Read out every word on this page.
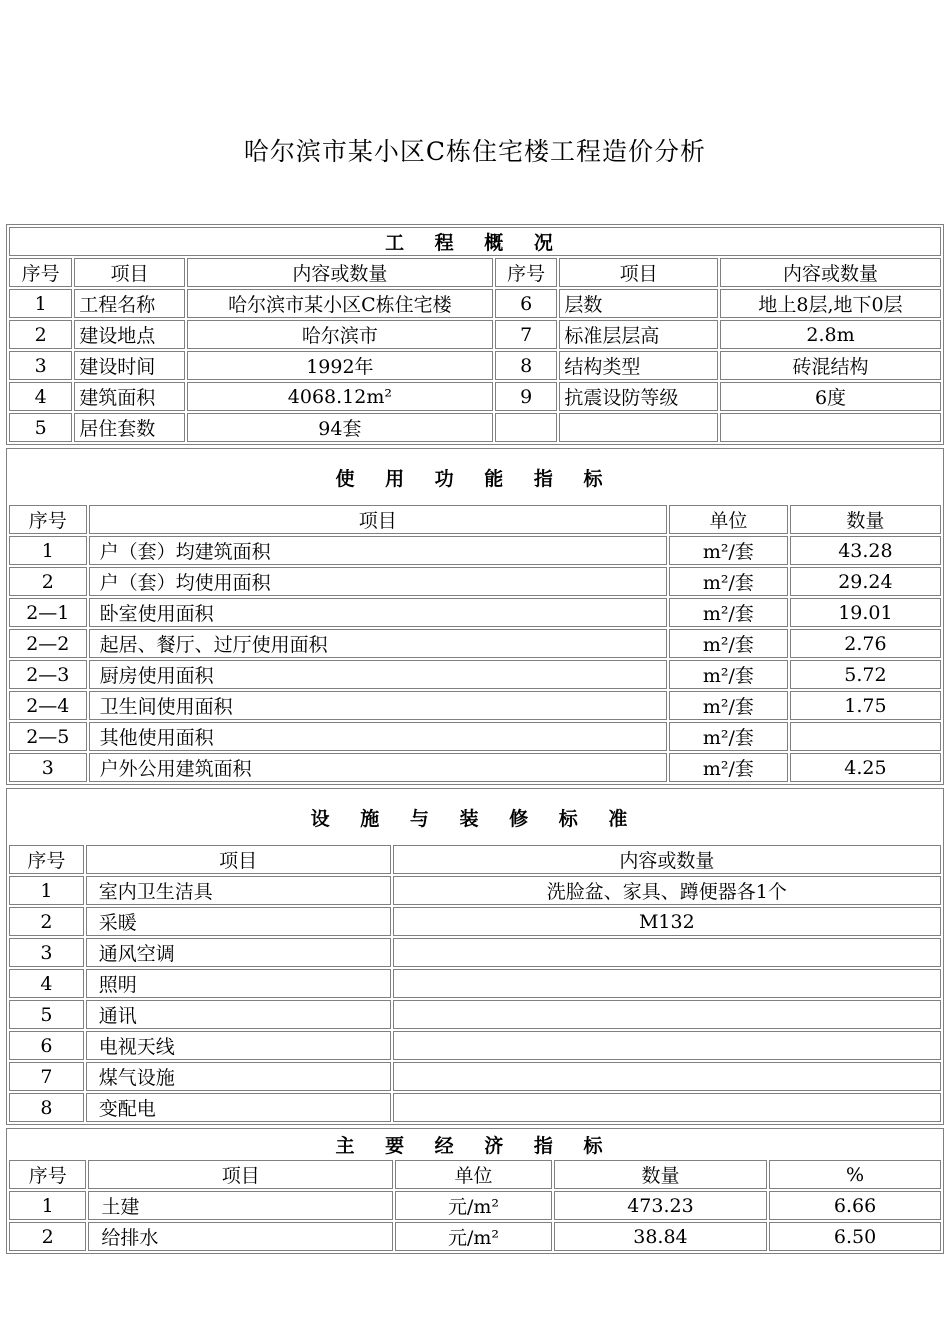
哈尔滨市某小区C栋住宅楼工程造价分析
工 程 概 况					
序号	项目	内容或数量	序号	项目	内容或数量
1	工程名称	哈尔滨市某小区C栋住宅楼	6	层数	地上8层,地下0层
2	建设地点	哈尔滨市	7	标准层层高	2.8m
3	建设时间	1992年	8	结构类型	砖混结构
4	建筑面积	4068.12m²	9	抗震设防等级	6度
5	居住套数	94套			
使 用 功 能 指 标			
序号	项目	单位	数量
1	户（套）均建筑面积	m²/套	43.28
2	户（套）均使用面积	m²/套	29.24
2—1	卧室使用面积	m²/套	19.01
2—2	起居、餐厅、过厅使用面积	m²/套	2.76
2—3	厨房使用面积	m²/套	5.72
2—4	卫生间使用面积	m²/套	1.75
2—5	其他使用面积	m²/套	
3	户外公用建筑面积	m²/套	4.25
设 施 与 装 修 标 准		
序号	项目	内容或数量
1	室内卫生洁具	洗脸盆、家具、蹲便器各1个
2	采暖	M132
3	通风空调	
4	照明	
5	通讯	
6	电视天线	
7	煤气设施	
8	变配电	
主 要 经 济 指 标				
序号	项目	单位	数量	%
1	土建	元/m²	473.23	6.66
2	给排水	元/m²	38.84	6.50
